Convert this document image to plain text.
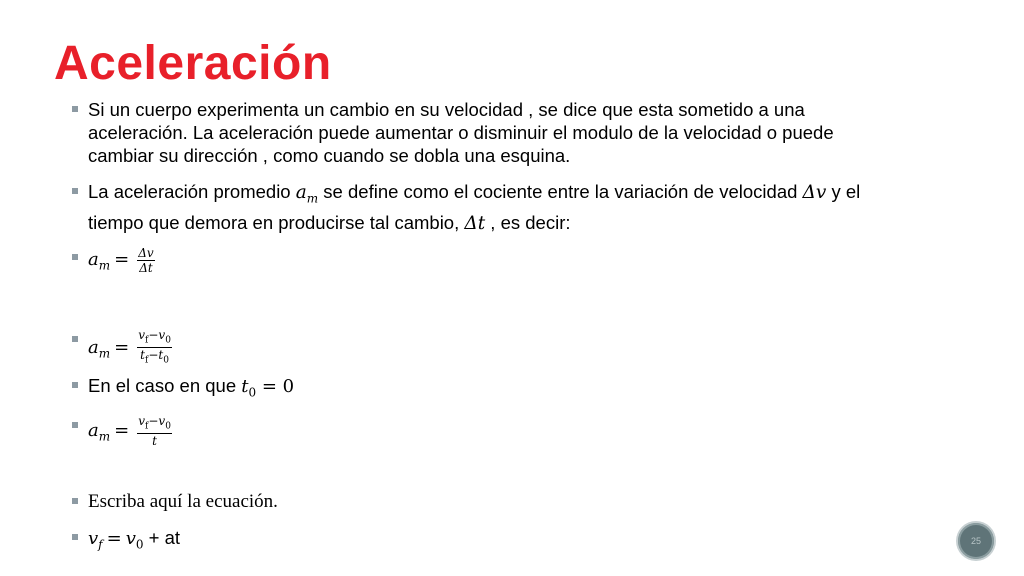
Aceleración
Si un cuerpo experimenta un cambio en su velocidad , se dice que esta sometido a una aceleración. La aceleración puede aumentar o disminuir el modulo de la velocidad o puede cambiar su dirección , como cuando se dobla una esquina.
La aceleración promedio $a_m$ se define como el cociente entre la variación de velocidad Δv y el tiempo que demora en producirse tal cambio, Δt , es decir:
$a_m = \frac{\Delta v}{\Delta t}$
$a_m = \frac{v_f-v_0}{t_f-t_0}$
En el caso en que $t_0 = 0$
$a_m = \frac{v_f-v_0}{t}$
Escriba aquí la ecuación.
$v_f = v_0$ + at	25
